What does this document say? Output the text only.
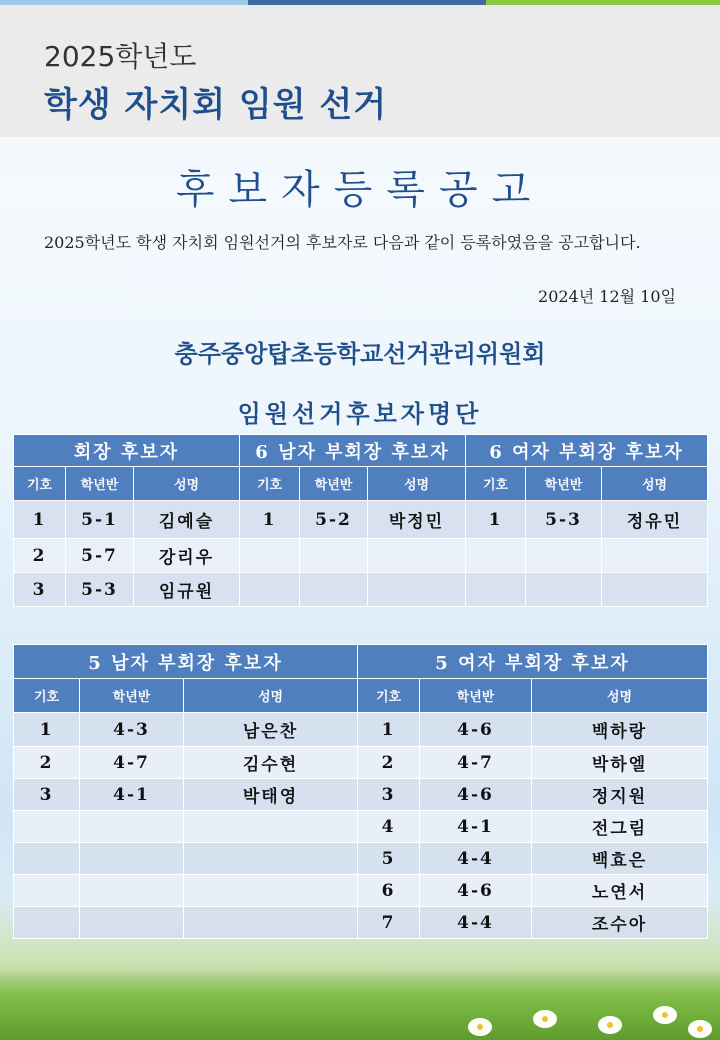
2025학년도
학생 자치회 임원 선거
후보자등록공고
2025학년도 학생 자치회 임원선거의 후보자로 다음과 같이 등록하였음을 공고합니다.
2024년 12월 10일
충주중앙탑초등학교선거관리위원회
임원선거후보자명단
회장 후보자			6 남자 부회장 후보자			6 여자 부회장 후보자		
기호	학년반	성명	기호	학년반	성명	기호	학년반	성명
1	5-1	김예슬	1	5-2	박정민	1	5-3	정유민
2	5-7	강리우						
3	5-3	임규원						
5 남자 부회장 후보자			5 여자 부회장 후보자		
기호	학년반	성명	기호	학년반	성명
1	4-3	남은찬	1	4-6	백하랑
2	4-7	김수현	2	4-7	박하엘
3	4-1	박태영	3	4-6	정지원
			4	4-1	전그림
			5	4-4	백효은
			6	4-6	노연서
			7	4-4	조수아
